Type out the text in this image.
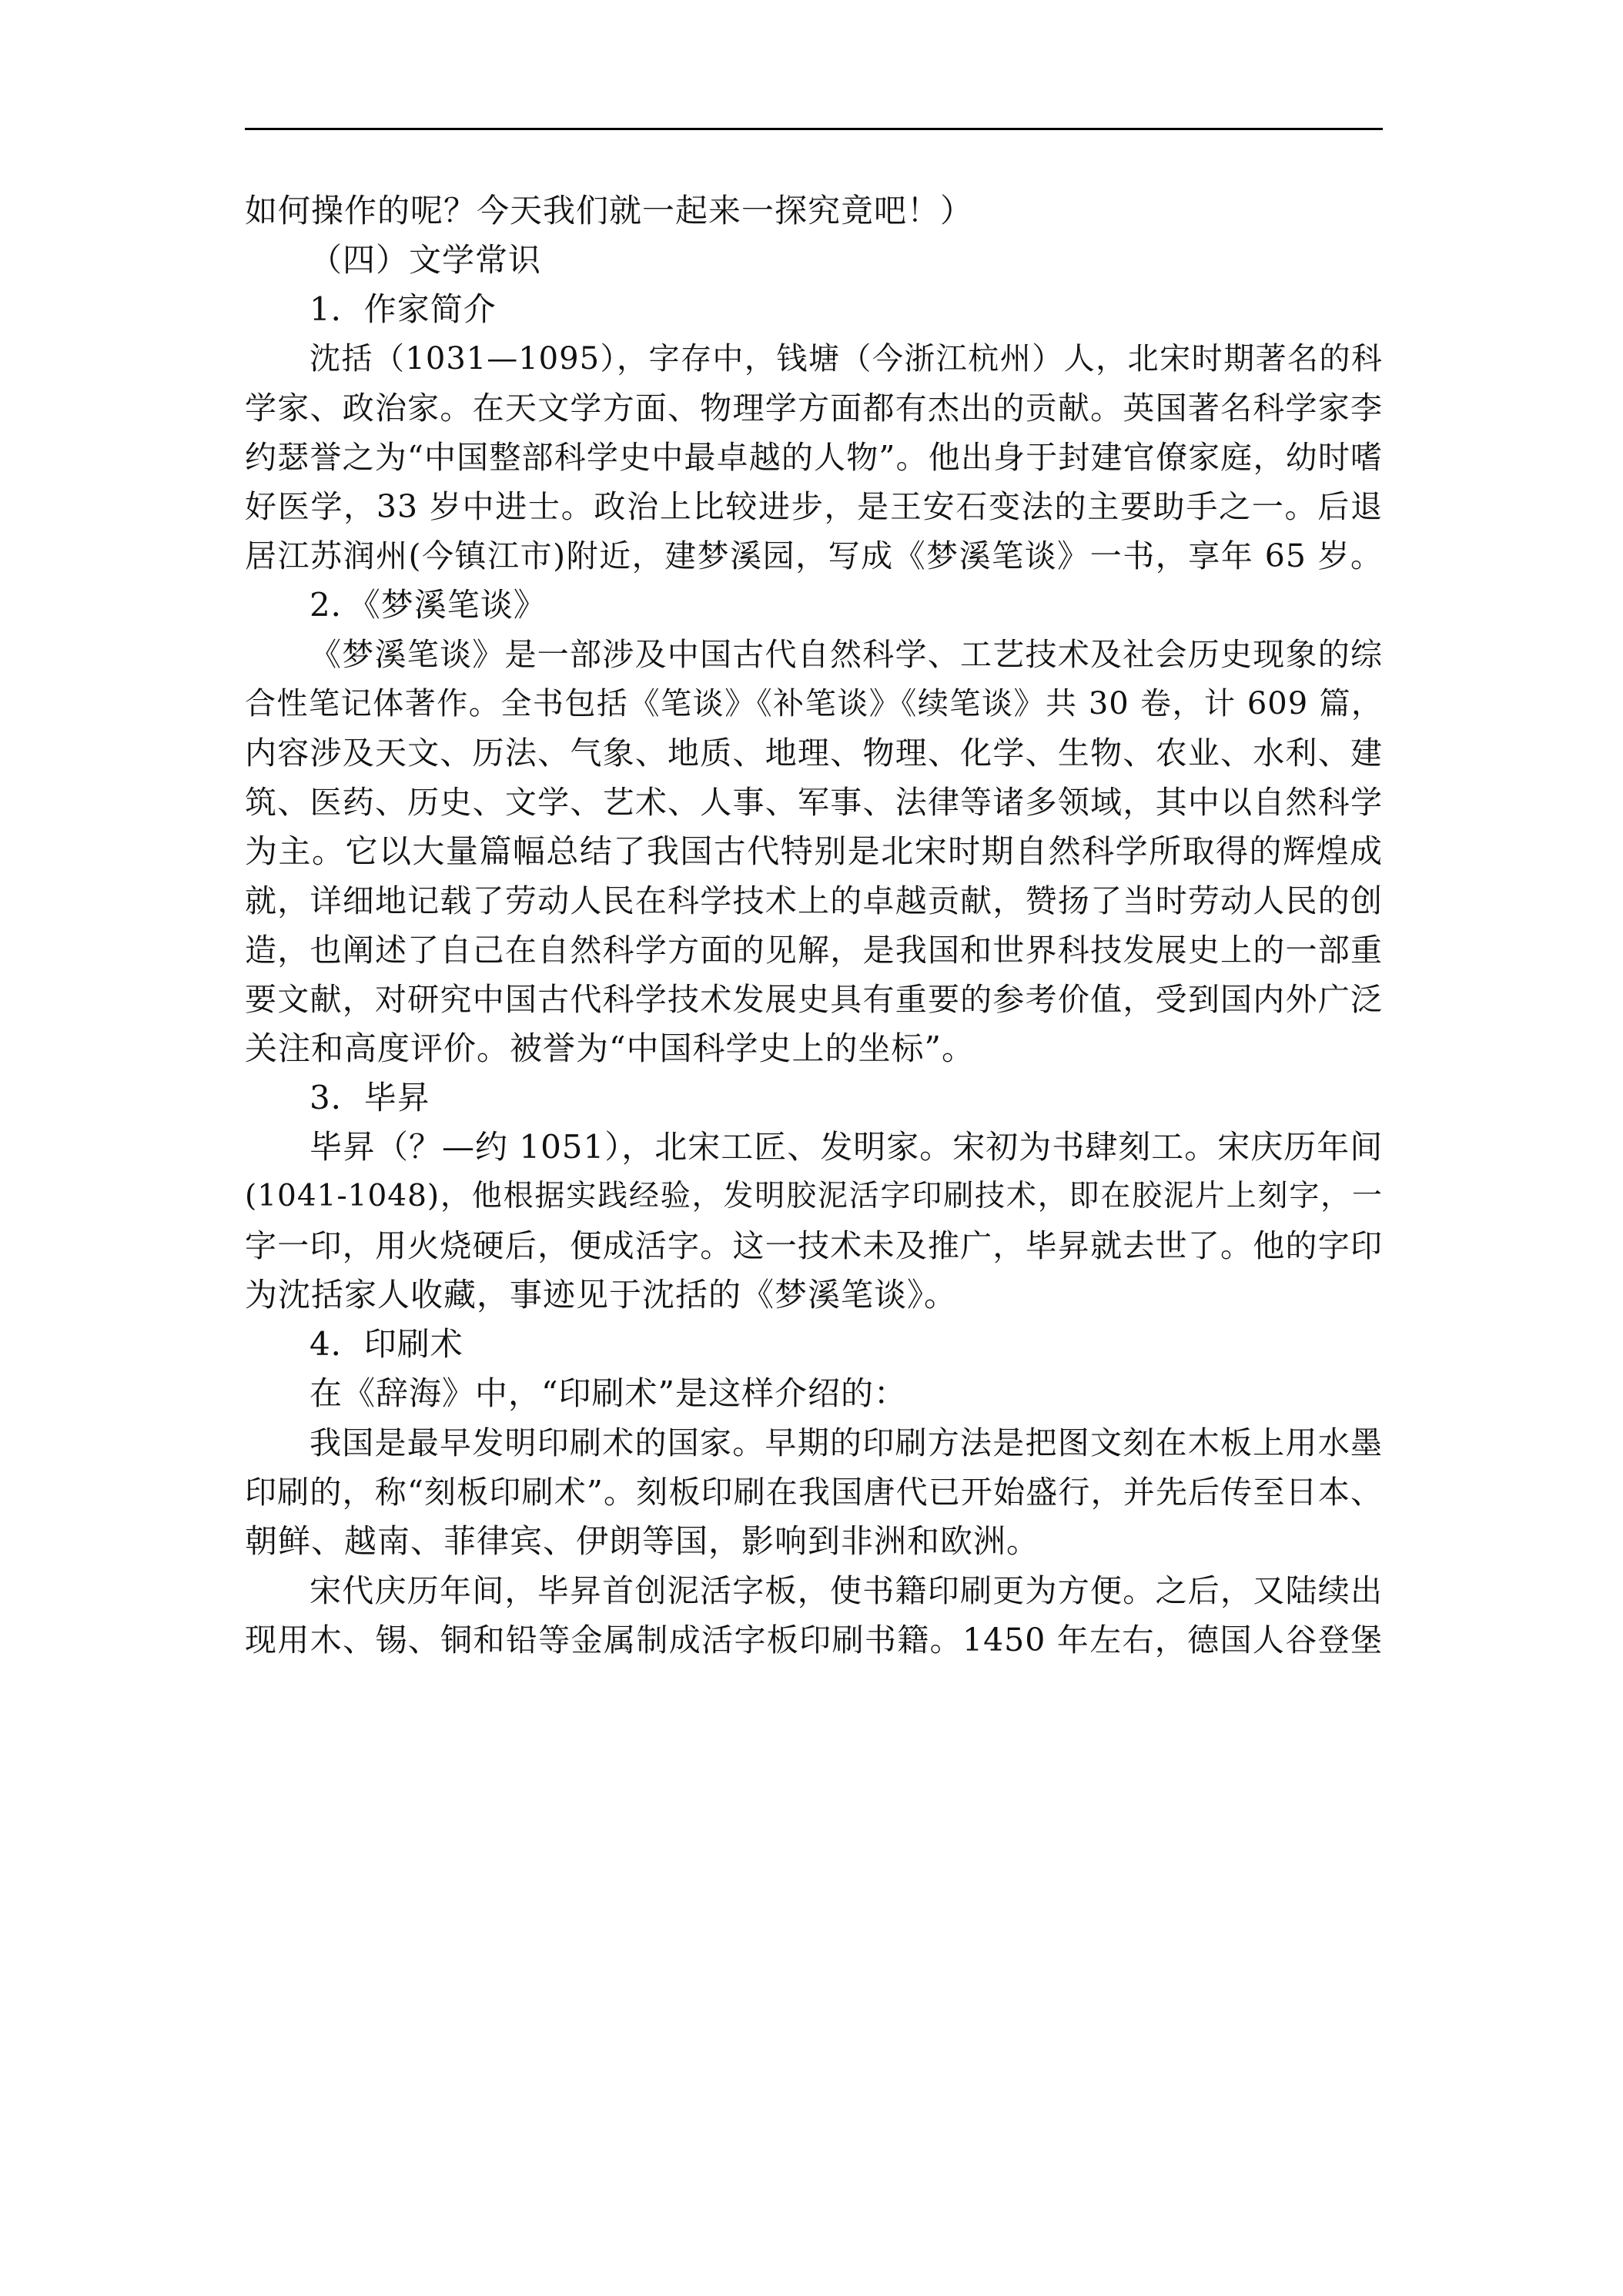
如何操作的呢？今天我们就一起来一探究竟吧！）
（四）文学常识
1．作家简介
沈括（1031—1095），字存中，钱塘（今浙江杭州）人，北宋时期著名的科
学家、政治家。在天文学方面、物理学方面都有杰出的贡献。英国著名科学家李
约瑟誉之为“中国整部科学史中最卓越的人物”。他出身于封建官僚家庭，幼时嗜
好医学，33 岁中进士。政治上比较进步，是王安石变法的主要助手之一。后退
居江苏润州(今镇江市)附近，建梦溪园，写成《梦溪笔谈》一书，享年 65 岁。
2．《梦溪笔谈》
《梦溪笔谈》是一部涉及中国古代自然科学、工艺技术及社会历史现象的综
合性笔记体著作。全书包括《笔谈》《补笔谈》《续笔谈》共 30 卷，计 609 篇，
内容涉及天文、历法、气象、地质、地理、物理、化学、生物、农业、水利、建
筑、医药、历史、文学、艺术、人事、军事、法律等诸多领域，其中以自然科学
为主。它以大量篇幅总结了我国古代特别是北宋时期自然科学所取得的辉煌成
就，详细地记载了劳动人民在科学技术上的卓越贡献，赞扬了当时劳动人民的创
造，也阐述了自己在自然科学方面的见解，是我国和世界科技发展史上的一部重
要文献，对研究中国古代科学技术发展史具有重要的参考价值，受到国内外广泛
关注和高度评价。被誉为“中国科学史上的坐标”。
3．毕昇
毕昇（？—约 1051），北宋工匠、发明家。宋初为书肆刻工。宋庆历年间
(1041-1048)，他根据实践经验，发明胶泥活字印刷技术，即在胶泥片上刻字，一
字一印，用火烧硬后，便成活字。这一技术未及推广，毕昇就去世了。他的字印
为沈括家人收藏，事迹见于沈括的《梦溪笔谈》。
4．印刷术
在《辞海》中，“印刷术”是这样介绍的：
我国是最早发明印刷术的国家。早期的印刷方法是把图文刻在木板上用水墨
印刷的，称“刻板印刷术”。刻板印刷在我国唐代已开始盛行，并先后传至日本、
朝鲜、越南、菲律宾、伊朗等国，影响到非洲和欧洲。
宋代庆历年间，毕昇首创泥活字板，使书籍印刷更为方便。之后，又陆续出
现用木、锡、铜和铅等金属制成活字板印刷书籍。1450 年左右，德国人谷登堡
